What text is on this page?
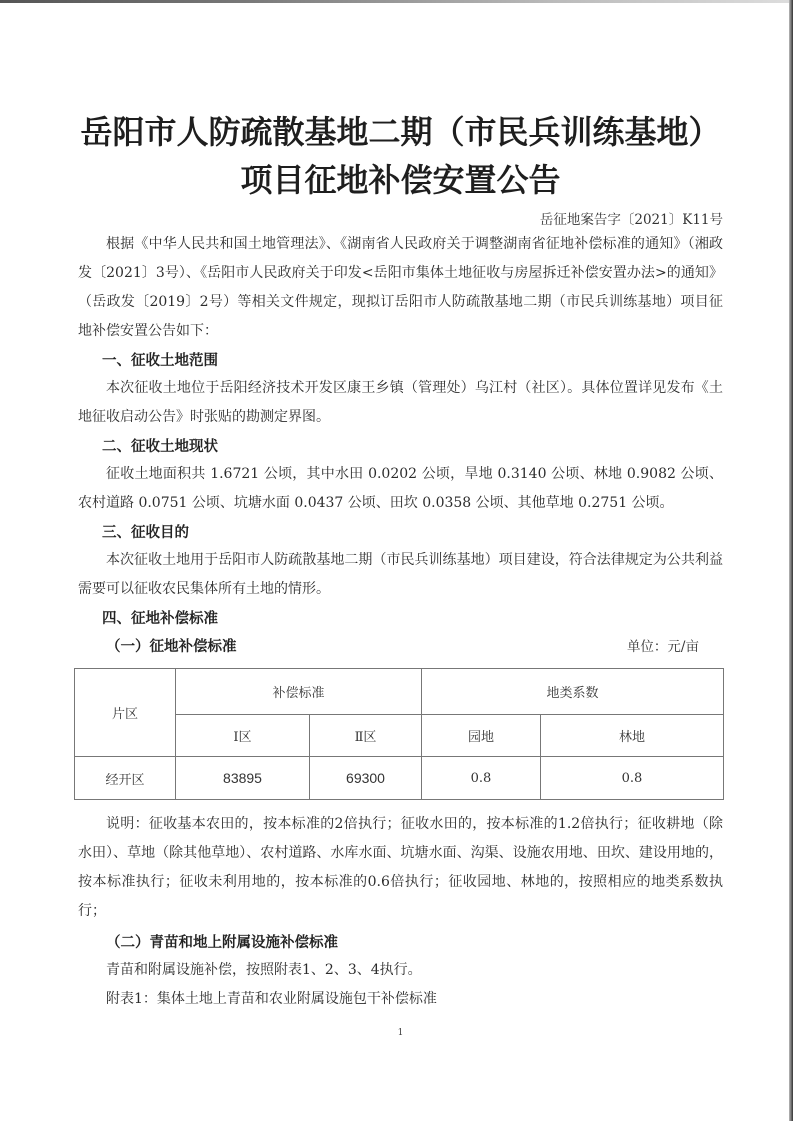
岳阳市人防疏散基地二期（市民兵训练基地）项目征地补偿安置公告
岳征地案告字〔2021〕K11号

根据《中华人民共和国土地管理法》、《湖南省人民政府关于调整湖南省征地补偿标准的通知》（湘政发〔2021〕3号）、《岳阳市人民政府关于印发<岳阳市集体土地征收与房屋拆迁补偿安置办法>的通知》（岳政发〔2019〕2号）等相关文件规定，现拟订岳阳市人防疏散基地二期（市民兵训练基地）项目征地补偿安置公告如下：

一、征收土地范围

本次征收土地位于岳阳经济技术开发区康王乡镇（管理处）乌江村（社区）。具体位置详见发布《土地征收启动公告》时张贴的勘测定界图。

二、征收土地现状

征收土地面积共 1.6721 公顷，其中水田 0.0202 公顷，旱地 0.3140 公顷、林地 0.9082 公顷、农村道路 0.0751 公顷、坑塘水面 0.0437 公顷、田坎 0.0358 公顷、其他草地 0.2751 公顷。

三、征收目的

本次征收土地用于岳阳市人防疏散基地二期（市民兵训练基地）项目建设，符合法律规定为公共利益需要可以征收农民集体所有土地的情形。

四、征地补偿标准
（一）征地补偿标准	单位：元/亩
片区	补偿标准		地类系数	
	Ⅰ区	Ⅱ区	园地	林地
经开区	83895	69300	0.8	0.8

说明：征收基本农田的，按本标准的2倍执行；征收水田的，按本标准的1.2倍执行；征收耕地（除水田）、草地（除其他草地）、农村道路、水库水面、坑塘水面、沟渠、设施农用地、田坎、建设用地的，按本标准执行；征收未利用地的，按本标准的0.6倍执行；征收园地、林地的，按照相应的地类系数执行；

（二）青苗和地上附属设施补偿标准

青苗和附属设施补偿，按照附表1、2、3、4执行。

附表1：集体土地上青苗和农业附属设施包干补偿标准

1
